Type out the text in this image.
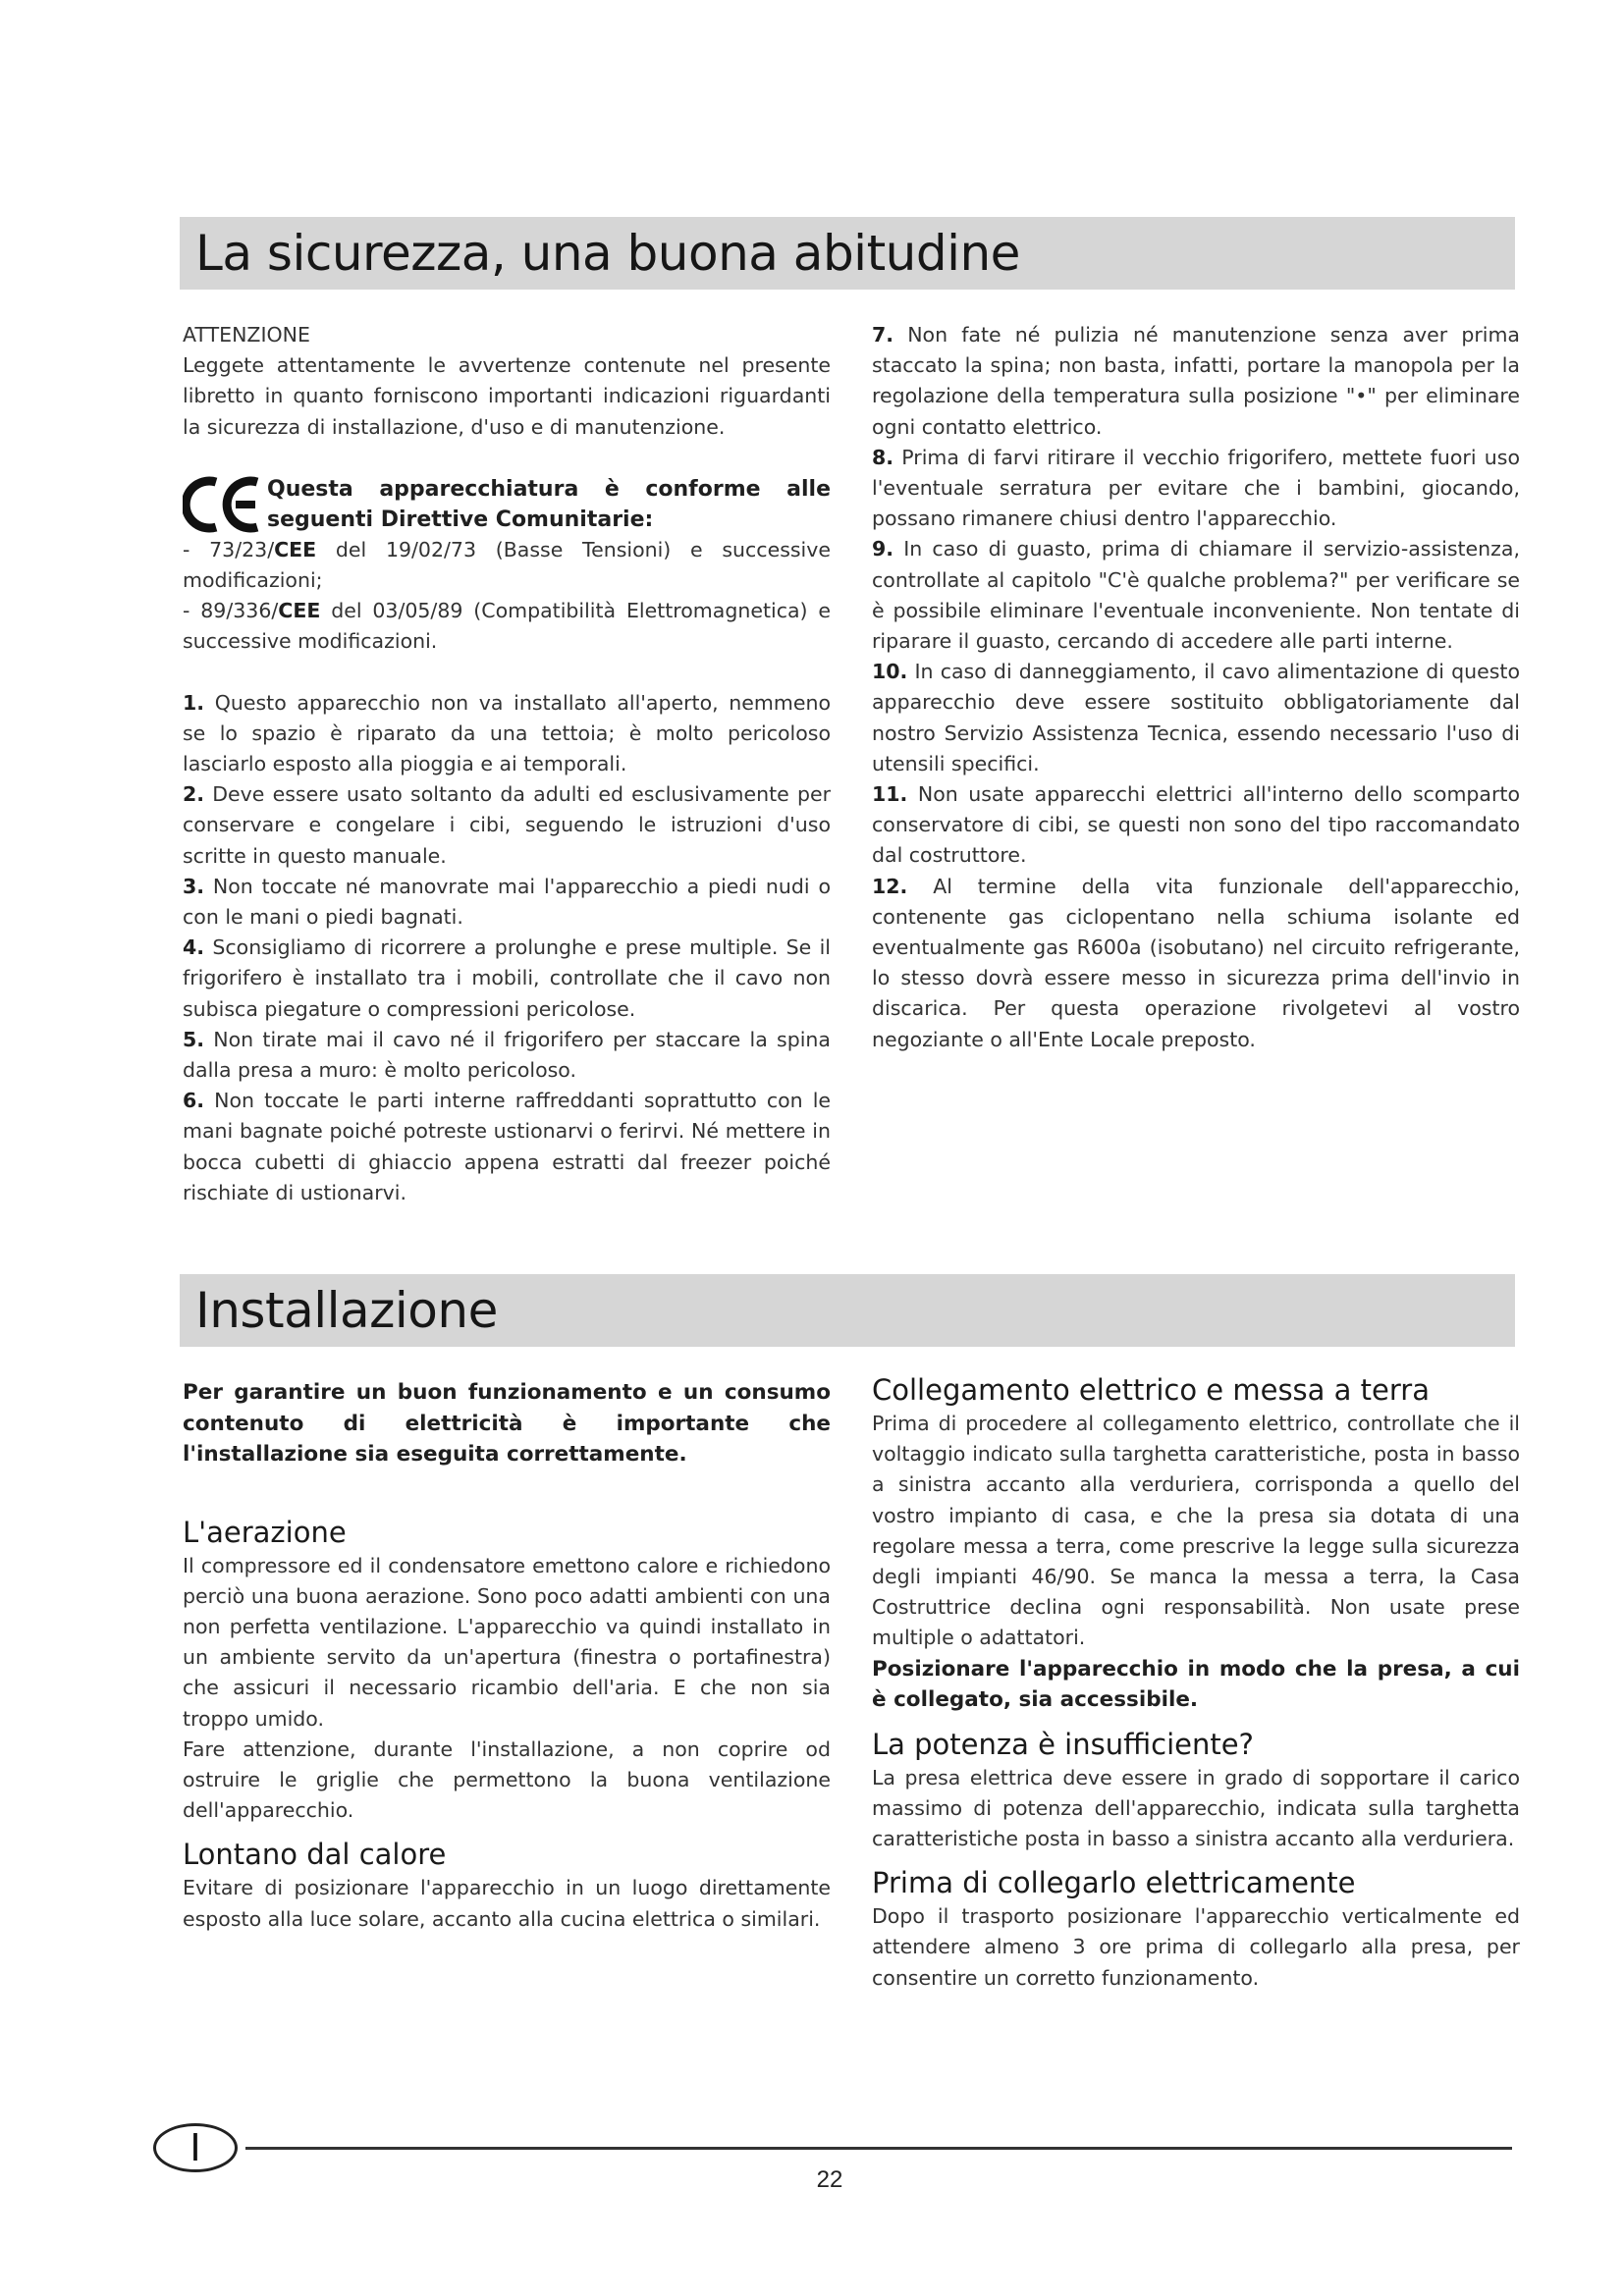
La sicurezza, una buona abitudine

ATTENZIONE

Leggete attentamente le avvertenze contenute nel presente libretto in quanto forniscono importanti indicazioni riguardanti la sicurezza di installazione, d'uso e di manutenzione.

CE
Questa apparecchiatura è conforme alle seguenti Direttive Comunitarie:

- 73/23/CEE del 19/02/73 (Basse Tensioni) e successive modificazioni;

- 89/336/CEE del 03/05/89 (Compatibilità Elettromagnetica) e successive modificazioni.

1. Questo apparecchio non va installato all'aperto, nemmeno se lo spazio è riparato da una tettoia; è molto pericoloso lasciarlo esposto alla pioggia e ai temporali.

2. Deve essere usato soltanto da adulti ed esclusivamente per conservare e congelare i cibi, seguendo le istruzioni d'uso scritte in questo manuale.

3. Non toccate né manovrate mai l'apparecchio a piedi nudi o con le mani o piedi bagnati.

4. Sconsigliamo di ricorrere a prolunghe e prese multiple. Se il frigorifero è installato tra i mobili, controllate che il cavo non subisca piegature o compressioni pericolose.

5. Non tirate mai il cavo né il frigorifero per staccare la spina dalla presa a muro: è molto pericoloso.

6. Non toccate le parti interne raffreddanti soprattutto con le mani bagnate poiché potreste ustionarvi o ferirvi. Né mettere in bocca cubetti di ghiaccio appena estratti dal freezer poiché rischiate di ustionarvi.

7. Non fate né pulizia né manutenzione senza aver prima staccato la spina; non basta, infatti, portare la manopola per la regolazione della temperatura sulla posizione "•" per eliminare ogni contatto elettrico.

8. Prima di farvi ritirare il vecchio frigorifero, mettete fuori uso l'eventuale serratura per evitare che i bambini, giocando, possano rimanere chiusi dentro l'apparecchio.

9. In caso di guasto, prima di chiamare il servizio-assistenza, controllate al capitolo "C'è qualche problema?" per verificare se è possibile eliminare l'eventuale inconveniente. Non tentate di riparare il guasto, cercando di accedere alle parti interne.

10. In caso di danneggiamento, il cavo alimentazione di questo apparecchio deve essere sostituito obbligatoriamente dal nostro Servizio Assistenza Tecnica, essendo necessario l'uso di utensili specifici.

11. Non usate apparecchi elettrici all'interno dello scomparto conservatore di cibi, se questi non sono del tipo raccomandato dal costruttore.

12. Al termine della vita funzionale dell'apparecchio, contenente gas ciclopentano nella schiuma isolante ed eventualmente gas R600a (isobutano) nel circuito refrigerante, lo stesso dovrà essere messo in sicurezza prima dell'invio in discarica. Per questa operazione rivolgetevi al vostro negoziante o all'Ente Locale preposto.

Installazione

Per garantire un buon funzionamento e un consumo contenuto di elettricità è importante che l'installazione sia eseguita correttamente.

L'aerazione

Il compressore ed il condensatore emettono calore e richiedono perciò una buona aerazione. Sono poco adatti ambienti con una non perfetta ventilazione. L'apparecchio va quindi installato in un ambiente servito da un'apertura (finestra o portafinestra) che assicuri il necessario ricambio dell'aria. E che non sia troppo umido.

Fare attenzione, durante l'installazione, a non coprire od ostruire le griglie che permettono la buona ventilazione dell'apparecchio.

Lontano dal calore

Evitare di posizionare l'apparecchio in un luogo direttamente esposto alla luce solare, accanto alla cucina elettrica o similari.

Collegamento elettrico e messa a terra

Prima di procedere al collegamento elettrico, controllate che il voltaggio indicato sulla targhetta caratteristiche, posta in basso a sinistra accanto alla verduriera, corrisponda a quello del vostro impianto di casa, e che la presa sia dotata di una regolare messa a terra, come prescrive la legge sulla sicurezza degli impianti 46/90. Se manca la messa a terra, la Casa Costruttrice declina ogni responsabilità. Non usate prese multiple o adattatori.

Posizionare l'apparecchio in modo che la presa, a cui è collegato, sia accessibile.

La potenza è insufficiente?

La presa elettrica deve essere in grado di sopportare il carico massimo di potenza dell'apparecchio, indicata sulla targhetta caratteristiche posta in basso a sinistra accanto alla verduriera.

Prima di collegarlo elettricamente

Dopo il trasporto posizionare l'apparecchio verticalmente ed attendere almeno 3 ore prima di collegarlo alla presa, per consentire un corretto funzionamento.

I
22
